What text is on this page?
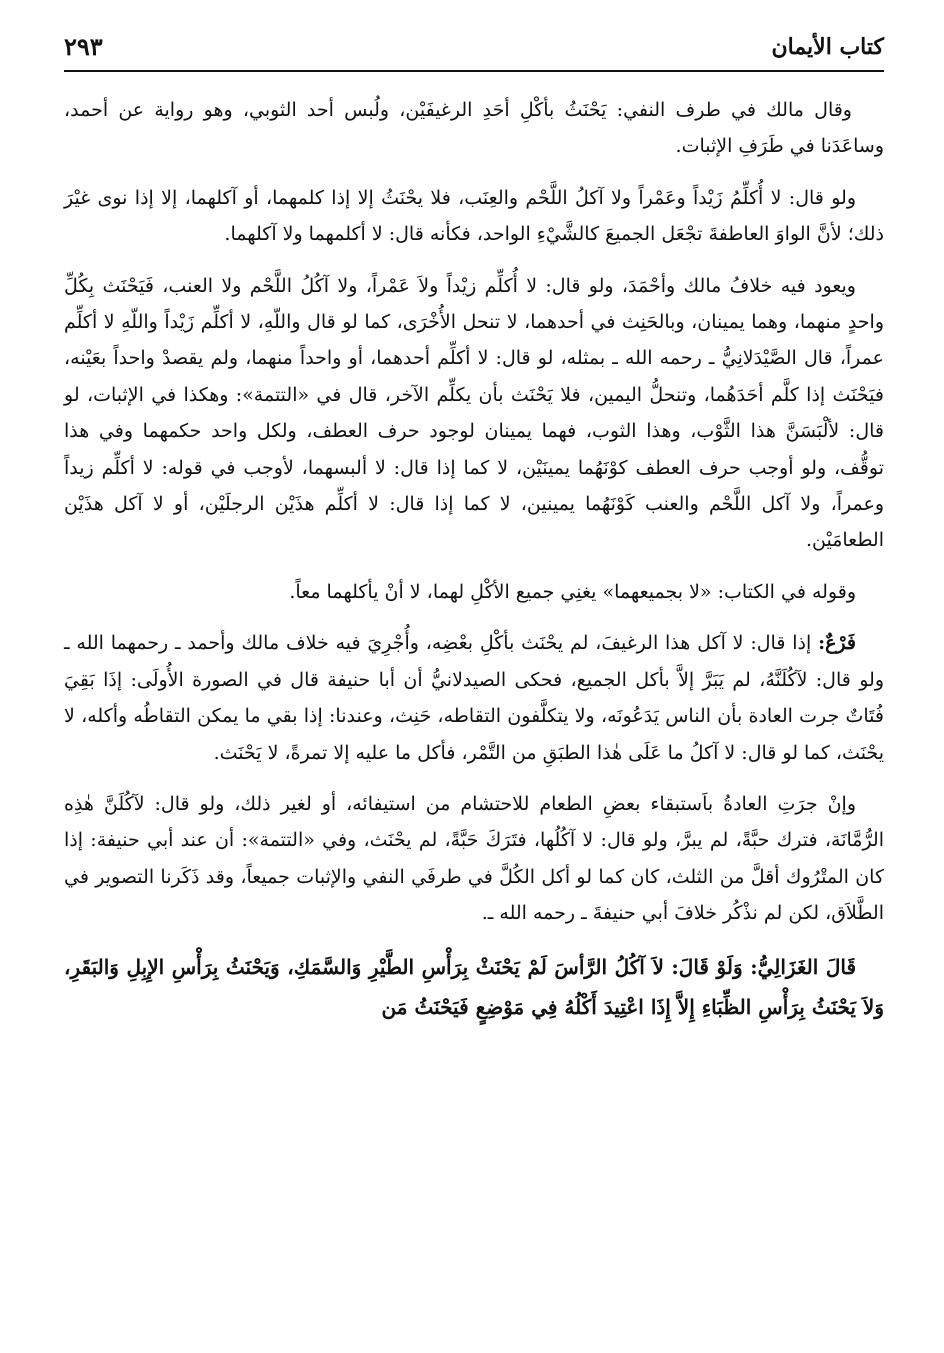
كتاب الأيمان
٢٩٣

وقال مالك في طرف النفي: يَحْنَثُ بأكْلِ أحَدِ الرغيفَيْن، ولُبس أحد الثوبي، وهو رواية عن أحمد، وساعَدَنا في طَرَفِ الإثبات.

ولو قال: لا أُكلِّمُ زَيْداً وعَمْراً ولا آكلُ اللَّحْم والعِنَب، فلا يحْنَثُ إلا إذا كلمهما، أو آكلهما، إلا إذا نوى غيْرَ ذلك؛ لأنَّ الواوَ العاطفةَ تجْعَل الجميعَ كالشَّيْءِ الواحد، فكأنه قال: لا أكلمهما ولا آكلهما.

ويعود فيه خلافُ مالك وأحْمَدَ، ولو قال: لا أُكلِّم زيْداً ولاَ عَمْراً، ولا آكُلُ اللَّحْم ولا العنب، فَيَحْنَث بِكُلِّ واحدٍ منهما، وهما يمينان، وبالحَنِث في أحدهما، لا تنحل الأُخْرَى، كما لو قال واللّهِ، لا أكلِّم زَيْداً واللّهِ لا أكلِّم عمراً، قال الصَّيْدَلانِيُّ ـ رحمه الله ـ بمثله، لو قال: لا أكلِّم أحدهما، أو واحداً منهما، ولم يقصدْ واحداً بعَيْنه، فيَحْنَث إذا كلَّم أحَدَهُما، وتنحلُّ اليمين، فلا يَحْنَث بأن يكلِّم الآخر، قال في «التتمة»: وهكذا في الإثبات، لو قال: لألْبَسَنَّ هذا الثَّوْب، وهذا الثوب، فهما يمينان لوجود حرف العطف، ولكل واحد حكمهما وفي هذا توقُّف، ولو أوجب حرف العطف كوْنَهُما يمينَيْن، لا كما إذا قال: لا ألبسهما، لأوجب في قوله: لا أكلِّم زيداً وعمراً، ولا آكل اللَّحْم والعنب كَوْنَهُما يمينين، لا كما إذا قال: لا أكلِّم هذَيْن الرجلَيْن، أو لا آكل هذَيْن الطعامَيْن.

وقوله في الكتاب: «لا بجميعهما» يغنِي جميع الأكْلِ لهما، لا أنْ يأكلهما معاً.

فَرْعٌ: إذا قال: لا آكل هذا الرغيفَ، لم يحْنَث بأكْلِ بعْضِه، وأُجْرِيَ فيه خلاف مالك وأحمد ـ رحمهما الله ـ ولو قال: لآكُلَنَّهُ، لم يَبَرَّ إلاَّ بأكل الجميع، فحكى الصيدلانيُّ أن أبا حنيفة قال في الصورة الأُولَى: إذَا بَقِيَ فُتَاتٌ جرت العادة بأن الناس يَدَعُونَه، ولا يتكلَّفون التقاطه، حَنِث، وعندنا: إذا بقي ما يمكن التقاطُه وأكله، لا يحْنَث، كما لو قال: لا آكلُ ما عَلَى هٰذا الطبَقِ من التَّمْر، فأكل ما عليه إلا تمرةً، لا يَحْنَث.

وإنْ جرَتِ العادةُ باَستبقاء بعضِ الطعام للاحتشام من استيفائه، أو لغير ذلك، ولو قال: لآكُلَنَّ هٰذِه الرُّمَّانَة، فترك حبَّةً، لم يبرَّ، ولو قال: لا آكُلُها، فتَرَكَ حَبَّةً، لم يحْنَث، وفي «التتمة»: أن عند أبي حنيفة: إذا كان المتْرُوك أقلَّ من الثلث، كان كما لو أكل الكُلَّ في طرفَي النفي والإثبات جميعاً، وقد ذَكَرنا التصوير في الطَّلاَق، لكن لم نذْكُر خلافَ أبي حنيفةَ ـ رحمه الله ـ.

قَالَ الغَزَالِيُّ: وَلَوْ قَالَ: لاَ آكُلُ الرَّأسَ لَمْ يَحْنَثْ بِرَأْسِ الطَّيْرِ وَالسَّمَكِ، وَيَحْنَثُ بِرَأْسِ الإِبِلِ وَالبَقَرِ، وَلاَ يَحْنَثُ بِرَأْسِ الظِّبَاءِ إِلاَّ إِذَا اعْتِيدَ أَكْلُهُ فِي مَوْضِعٍ فَيَحْنَثُ مَن
